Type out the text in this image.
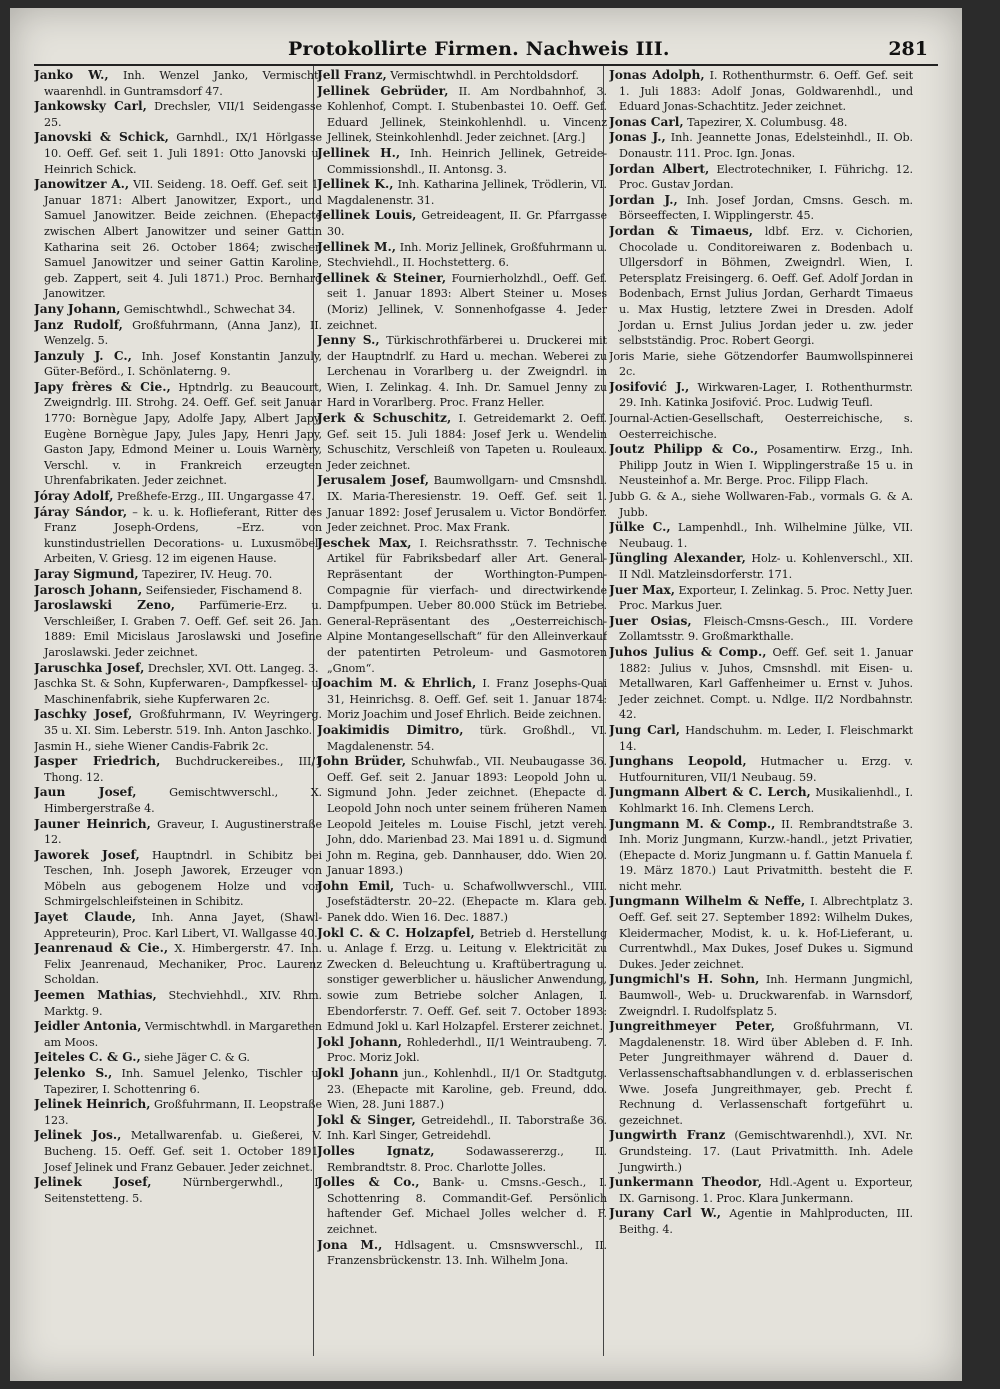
Protokollirte Firmen. Nachweis III.	281

Janko W., Inh. Wenzel Janko, Vermischt-waarenhdl. in Guntramsdorf 47.

Jankowsky Carl, Drechsler, VII/1 Seidengasse 25.

Janovski & Schick, Garnhdl., IX/1 Hörlgasse 10. Oeff. Gef. seit 1. Juli 1891: Otto Janovski u. Heinrich Schick.

Janowitzer A., VII. Seideng. 18. Oeff. Gef. seit 1. Januar 1871: Albert Janowitzer, Export., und Samuel Janowitzer. Beide zeichnen. (Ehepacte zwischen Albert Janowitzer und seiner Gattin Katharina seit 26. October 1864; zwischen Samuel Janowitzer und seiner Gattin Karoline, geb. Zappert, seit 4. Juli 1871.) Proc. Bernhard Janowitzer.

Jany Johann, Gemischtwhdl., Schwechat 34.

Janz Rudolf, Großfuhrmann, (Anna Janz), II. Wenzelg. 5.

Janzuly J. C., Inh. Josef Konstantin Janzuly, Güter-Beförd., I. Schönlaterng. 9.

Japy frères & Cie., Hptndrlg. zu Beaucourt, Zweigndrlg. III. Strohg. 24. Oeff. Gef. seit Januar 1770: Bornègue Japy, Adolfe Japy, Albert Japy, Eugène Bornègue Japy, Jules Japy, Henri Japy, Gaston Japy, Edmond Meiner u. Louis Warnèry, Verschl. v. in Frankreich erzeugten Uhrenfabrikaten. Jeder zeichnet.

Jóray Adolf, Preßhefe-Erzg., III. Ungargasse 47.

Járay Sándor, – k. u. k. Hoflieferant, Ritter des Franz Joseph-Ordens, –Erz. von kunstindustriellen Decorations- u. Luxusmöbel-Arbeiten, V. Griesg. 12 im eigenen Hause.

Jaray Sigmund, Tapezirer, IV. Heug. 70.

Jarosch Johann, Seifensieder, Fischamend 8.

Jaroslawski Zeno, Parfümerie-Erz. u. Verschleißer, I. Graben 7. Oeff. Gef. seit 26. Jan. 1889: Emil Micislaus Jaroslawski und Josefine Jaroslawski. Jeder zeichnet.

Jaruschka Josef, Drechsler, XVI. Ott. Langeg. 3.

Jaschka St. & Sohn, Kupferwaren-, Dampfkessel- u. Maschinenfabrik, siehe Kupferwaren 2c.

Jaschky Josef, Großfuhrmann, IV. Weyringerg. 35 u. XI. Sim. Leberstr. 519. Inh. Anton Jaschko.

Jasmin H., siehe Wiener Candis-Fabrik 2c.

Jasper Friedrich, Buchdruckereibes., III/1 Thong. 12.

Jaun Josef,	Gemischtwverschl., X. Himbergerstraße 4.

Jauner Heinrich, Graveur, I. Augustinerstraße 12.

Jaworek Josef, Hauptndrl. in Schibitz bei Teschen, Inh. Joseph Jaworek, Erzeuger von Möbeln aus gebogenem Holze und von Schmirgelschleifsteinen in Schibitz.

Jayet Claude, Inh. Anna Jayet, (Shawl-Appreteurin), Proc. Karl Libert, VI. Wallgasse 40.

Jeanrenaud & Cie., X. Himbergerstr. 47. Inh. Felix Jeanrenaud, Mechaniker, Proc. Laurenz Scholdan.

Jeemen Mathias, Stechviehhdl., XIV. Rhm. Marktg. 9.

Jeidler Antonia, Vermischtwhdl. in Margarethen am Moos.

Jeiteles C. & G., siehe Jäger C. & G.

Jelenko S., Inh. Samuel Jelenko, Tischler u. Tapezirer, I. Schottenring 6.

Jelinek Heinrich, Großfuhrmann, II. Leopstraße 123.

Jelinek Jos., Metallwarenfab. u. Gießerei, V. Bucheng. 15. Oeff. Gef. seit 1. October 1891: Josef Jelinek und Franz Gebauer. Jeder zeichnet.

Jelinek Josef,	Nürnbergerwhdl., I. Seitenstetteng. 5.

Jell Franz, Vermischtwhdl. in Perchtoldsdorf.

Jellinek Gebrüder, II. Am Nordbahnhof, 3. Kohlenhof, Compt. I. Stubenbastei 10. Oeff. Gef. Eduard Jellinek, Steinkohlenhdl. u. Vincenz Jellinek, Steinkohlenhdl. Jeder zeichnet. [Arg.]

Jellinek H., Inh. Heinrich Jellinek, Getreide-Commissionshdl., II. Antonsg. 3.

Jellinek K., Inh. Katharina Jellinek, Trödlerin, VI. Magdalenenstr. 31.

Jellinek Louis, Getreideagent, II. Gr. Pfarrgasse 30.

Jellinek M., Inh. Moriz Jellinek, Großfuhrmann u. Stechviehdl., II. Hochstetterg. 6.

Jellinek & Steiner, Fournierholzhdl., Oeff. Gef. seit 1. Januar 1893: Albert Steiner u. Moses (Moriz) Jellinek, V. Sonnenhofgasse 4. Jeder zeichnet.

Jenny S., Türkischrothfärberei u. Druckerei mit der Hauptndrlf. zu Hard u. mechan. Weberei zu Lerchenau in Vorarlberg u. der Zweigndrl. in Wien, I. Zelinkag. 4. Inh. Dr. Samuel Jenny zu Hard in Vorarlberg. Proc. Franz Heller.

Jerk & Schuschitz, I. Getreidemarkt 2. Oeff. Gef. seit 15. Juli 1884: Josef Jerk u. Wendelin Schuschitz, Verschleiß von Tapeten u. Rouleaux. Jeder zeichnet.

Jerusalem Josef, Baumwollgarn- und Cmsnshdl. IX. Maria-Theresienstr. 19. Oeff. Gef. seit 1. Januar 1892: Josef Jerusalem u. Victor Bondörfer. Jeder zeichnet. Proc. Max Frank.

Jeschek Max, I. Reichsrathsstr. 7. Technische Artikel für Fabriksbedarf aller Art. General-Repräsentant der Worthington-Pumpen-Compagnie für vierfach- und directwirkende Dampfpumpen. Ueber 80.000 Stück im Betriebe. General-Repräsentant des „Oesterreichisch-Alpine Montangesellschaft“ für den Alleinverkauf der patentirten Petroleum- und Gasmotoren „Gnom“.

Joachim M. & Ehrlich, I. Franz Josephs-Quai 31, Heinrichsg. 8. Oeff. Gef. seit 1. Januar 1874: Moriz Joachim und Josef Ehrlich. Beide zeichnen.

Joakimidis Dimitro, türk. Großhdl., VI. Magdalenenstr. 54.

John Brüder, Schuhwfab., VII. Neubaugasse 36. Oeff. Gef. seit 2. Januar 1893: Leopold John u. Sigmund John. Jeder zeichnet. (Ehepacte d. Leopold John noch unter seinem früheren Namen Leopold Jeiteles m. Louise Fischl, jetzt vereh. John, ddo. Marienbad 23. Mai 1891 u. d. Sigmund John m. Regina, geb. Dannhauser, ddo. Wien 20. Januar 1893.)

John Emil, Tuch- u. Schafwollwverschl., VIII. Josefstädterstr. 20–22. (Ehepacte m. Klara geb. Panek ddo. Wien 16. Dec. 1887.)

Jokl C. & C. Holzapfel, Betrieb d. Herstellung u. Anlage f. Erzg. u. Leitung v. Elektricität zu Zwecken d. Beleuchtung u. Kraftübertragung u. sonstiger gewerblicher u. häuslicher Anwendung, sowie zum Betriebe solcher Anlagen, I. Ebendorferstr. 7. Oeff. Gef. seit 7. October 1893: Edmund Jokl u. Karl Holzapfel. Ersterer zeichnet.

Jokl Johann, Rohlederhdl., II/1 Weintraubeng. 7. Proc. Moriz Jokl.

Jokl Johann jun., Kohlenhdl., II/1 Or. Stadtgutg. 23. (Ehepacte mit Karoline, geb. Freund, ddo. Wien, 28. Juni 1887.)

Jokl & Singer, Getreidehdl., II. Taborstraße 36. Inh. Karl Singer, Getreidehdl.

Jolles Ignatz,	Sodawassererzg., II. Rembrandtstr. 8. Proc. Charlotte Jolles.

Jolles & Co., Bank- u. Cmsns.-Gesch., I. Schottenring 8. Commandit-Gef. Persönlich haftender Gef. Michael Jolles welcher d. F. zeichnet.

Jona M., Hdlsagent. u. Cmsnswverschl., II. Franzensbrückenstr. 13. Inh. Wilhelm Jona.

Jonas Adolph, I. Rothenthurmstr. 6. Oeff. Gef. seit 1. Juli 1883: Adolf Jonas, Goldwarenhdl., und Eduard Jonas-Schachtitz. Jeder zeichnet.

Jonas Carl, Tapezirer, X. Columbusg. 48.

Jonas J., Inh. Jeannette Jonas, Edelsteinhdl., II. Ob. Donaustr. 111. Proc. Ign. Jonas.

Jordan Albert, Electrotechniker, I. Führichg. 12. Proc. Gustav Jordan.

Jordan J., Inh. Josef Jordan, Cmsns. Gesch. m. Börseeffecten, I. Wipplingerstr. 45.

Jordan & Timaeus, ldbf. Erz. v. Cichorien, Chocolade u. Conditoreiwaren z. Bodenbach u. Ullgersdorf in Böhmen, Zweigndrl. Wien, I. Petersplatz Freisingerg. 6. Oeff. Gef. Adolf Jordan in Bodenbach, Ernst Julius Jordan, Gerhardt Timaeus u. Max Hustig, letztere Zwei in Dresden. Adolf Jordan u. Ernst Julius Jordan jeder u. zw. jeder selbstständig. Proc. Robert Georgi.

Joris Marie, siehe Götzendorfer Baumwollspinnerei 2c.

Josifović J., Wirkwaren-Lager, I. Rothenthurmstr. 29. Inh. Katinka Josifović. Proc. Ludwig Teufl.

Journal-Actien-Gesellschaft, Oesterreichische, s. Oesterreichische.

Joutz Philipp & Co., Posamentirw. Erzg., Inh. Philipp Joutz in Wien I. Wipplingerstraße 15 u. in Neusteinhof a. Mr. Berge. Proc. Filipp Flach.

Jubb G. & A., siehe Wollwaren-Fab., vormals G. & A. Jubb.

Jülke C., Lampenhdl., Inh. Wilhelmine Jülke, VII. Neubaug. 1.

Jüngling Alexander, Holz- u. Kohlenverschl., XII. II Ndl. Matzleinsdorferstr. 171.

Juer Max, Exporteur, I. Zelinkag. 5. Proc. Netty Juer. Proc. Markus Juer.

Juer Osias, Fleisch-Cmsns-Gesch., III. Vordere Zollamtsstr. 9. Großmarkthalle.

Juhos Julius & Comp., Oeff. Gef. seit 1. Januar 1882: Julius v. Juhos, Cmsnshdl. mit Eisen- u. Metallwaren, Karl Gaffenheimer u. Ernst v. Juhos. Jeder zeichnet. Compt. u. Ndlge. II/2 Nordbahnstr. 42.

Jung Carl, Handschuhm. m. Leder, I. Fleischmarkt 14.

Junghans Leopold, Hutmacher u. Erzg. v. Hutfournituren, VII/1 Neubaug. 59.

Jungmann Albert & C. Lerch, Musikalienhdl., I. Kohlmarkt 16. Inh. Clemens Lerch.

Jungmann M. & Comp., II. Rembrandtstraße 3. Inh. Moriz Jungmann, Kurzw.-handl., jetzt Privatier, (Ehepacte d. Moriz Jungmann u. f. Gattin Manuela f. 19. März 1870.) Laut Privatmitth. besteht die F. nicht mehr.

Jungmann Wilhelm & Neffe, I. Albrechtplatz 3. Oeff. Gef. seit 27. September 1892: Wilhelm Dukes, Kleidermacher, Modist, k. u. k. Hof-Lieferant, u. Currentwhdl., Max Dukes, Josef Dukes u. Sigmund Dukes. Jeder zeichnet.

Jungmichl's H. Sohn, Inh. Hermann Jungmichl, Baumwoll-, Web- u. Druckwarenfab. in Warnsdorf, Zweigndrl. I. Rudolfsplatz 5.

Jungreithmeyer Peter, Großfuhrmann, VI. Magdalenenstr. 18. Wird über Ableben d. F. Inh. Peter Jungreithmayer während d. Dauer d. Verlassenschaftsabhandlungen v. d. erblasserischen Wwe. Josefa Jungreithmayer, geb. Precht f. Rechnung d. Verlassenschaft fortgeführt u. gezeichnet.

Jungwirth Franz (Gemischtwarenhdl.), XVI. Nr. Grundsteing. 17. (Laut Privatmitth. Inh. Adele Jungwirth.)

Junkermann Theodor, Hdl.-Agent u. Exporteur, IX. Garnisong. 1. Proc. Klara Junkermann.

Jurany Carl W., Agentie in Mahlproducten, III. Beithg. 4.
